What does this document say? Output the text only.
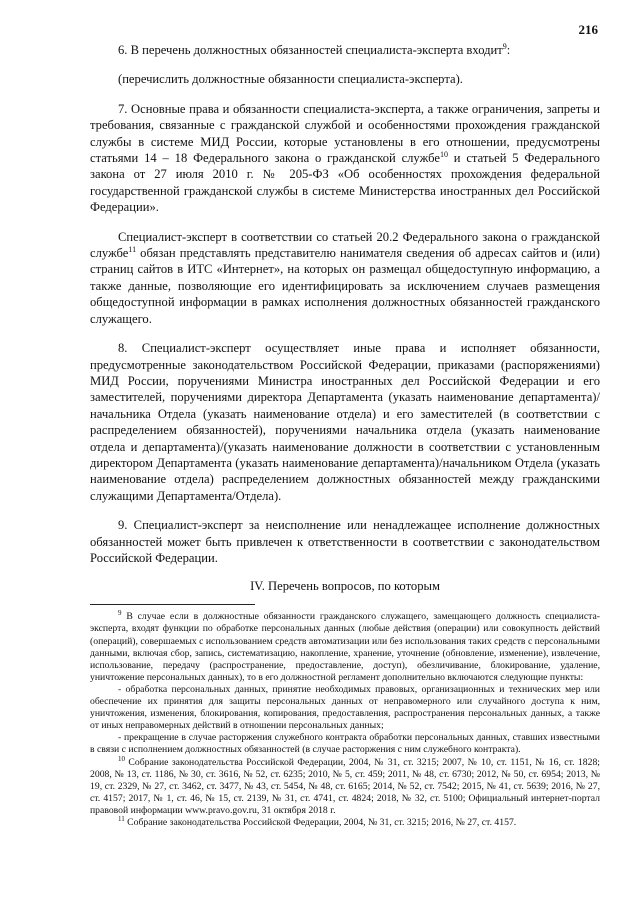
216

6. В перечень должностных обязанностей специалиста-эксперта входит$^9$:

(перечислить должностные обязанности специалиста-эксперта).

7. Основные права и обязанности специалиста-эксперта, а также ограничения, запреты и требования, связанные с гражданской службой и особенностями прохождения гражданской службы в системе МИД России, которые установлены в его отношении, предусмотрены статьями 14 – 18 Федерального закона о гражданской службе$^{10}$ и статьей 5 Федерального закона от 27 июля 2010 г. № 205-ФЗ «Об особенностях прохождения федеральной государственной гражданской службы в системе Министерства иностранных дел Российской Федерации».

Специалист-эксперт в соответствии со статьей 20.2 Федерального закона о гражданской службе$^{11}$ обязан представлять представителю нанимателя сведения об адресах сайтов и (или) страниц сайтов в ИТС «Интернет», на которых он размещал общедоступную информацию, а также данные, позволяющие его идентифицировать за исключением случаев размещения общедоступной информации в рамках исполнения должностных обязанностей гражданского служащего.

8. Специалист-эксперт осуществляет иные права и исполняет обязанности, предусмотренные законодательством Российской Федерации, приказами (распоряжениями) МИД России, поручениями Министра иностранных дел Российской Федерации и его заместителей, поручениями директора Департамента (указать наименование департамента)/начальника Отдела (указать наименование отдела) и его заместителей (в соответствии с распределением обязанностей), поручениями начальника отдела (указать наименование отдела и департамента)/(указать наименование должности в соответствии с установленным директором Департамента (указать наименование департамента)/начальником Отдела (указать наименование отдела) распределением должностных обязанностей между гражданскими служащими Департамента/Отдела).

9. Специалист-эксперт за неисполнение или ненадлежащее исполнение должностных обязанностей может быть привлечен к ответственности в соответствии с законодательством Российской Федерации.

IV. Перечень вопросов, по которым

$^9$ В случае если в должностные обязанности гражданского служащего, замещающего должность специалиста-эксперта, входят функции по обработке персональных данных (любые действия (операции) или совокупность действий (операций), совершаемых с использованием средств автоматизации или без использования таких средств с персональными данными, включая сбор, запись, систематизацию, накопление, хранение, уточнение (обновление, изменение), извлечение, использование, передачу (распространение, предоставление, доступ), обезличивание, блокирование, удаление, уничтожение персональных данных), то в его должностной регламент дополнительно включаются следующие пункты:

- обработка персональных данных, принятие необходимых правовых, организационных и технических мер или обеспечение их принятия для защиты персональных данных от неправомерного или случайного доступа к ним, уничтожения, изменения, блокирования, копирования, предоставления, распространения персональных данных, а также от иных неправомерных действий в отношении персональных данных;

- прекращение в случае расторжения служебного контракта обработки персональных данных, ставших известными в связи с исполнением должностных обязанностей (в случае расторжения с ним служебного контракта).

$^{10}$ Собрание законодательства Российской Федерации, 2004, № 31, ст. 3215; 2007, № 10, ст. 1151, № 16, ст. 1828; 2008, № 13, ст. 1186, № 30, ст. 3616, № 52, ст. 6235; 2010, № 5, ст. 459; 2011, № 48, ст. 6730; 2012, № 50, ст. 6954; 2013, № 19, ст. 2329, № 27, ст. 3462, ст. 3477, № 43, ст. 5454, № 48, ст. 6165; 2014, № 52, ст. 7542; 2015, № 41, ст. 5639; 2016, № 27, ст. 4157; 2017, № 1, ст. 46, № 15, ст. 2139, № 31, ст. 4741, ст. 4824; 2018, № 32, ст. 5100; Официальный интернет-портал правовой информации www.pravo.gov.ru, 31 октября 2018 г.

$^{11}$ Собрание законодательства Российской Федерации, 2004, № 31, ст. 3215; 2016, № 27, ст. 4157.
